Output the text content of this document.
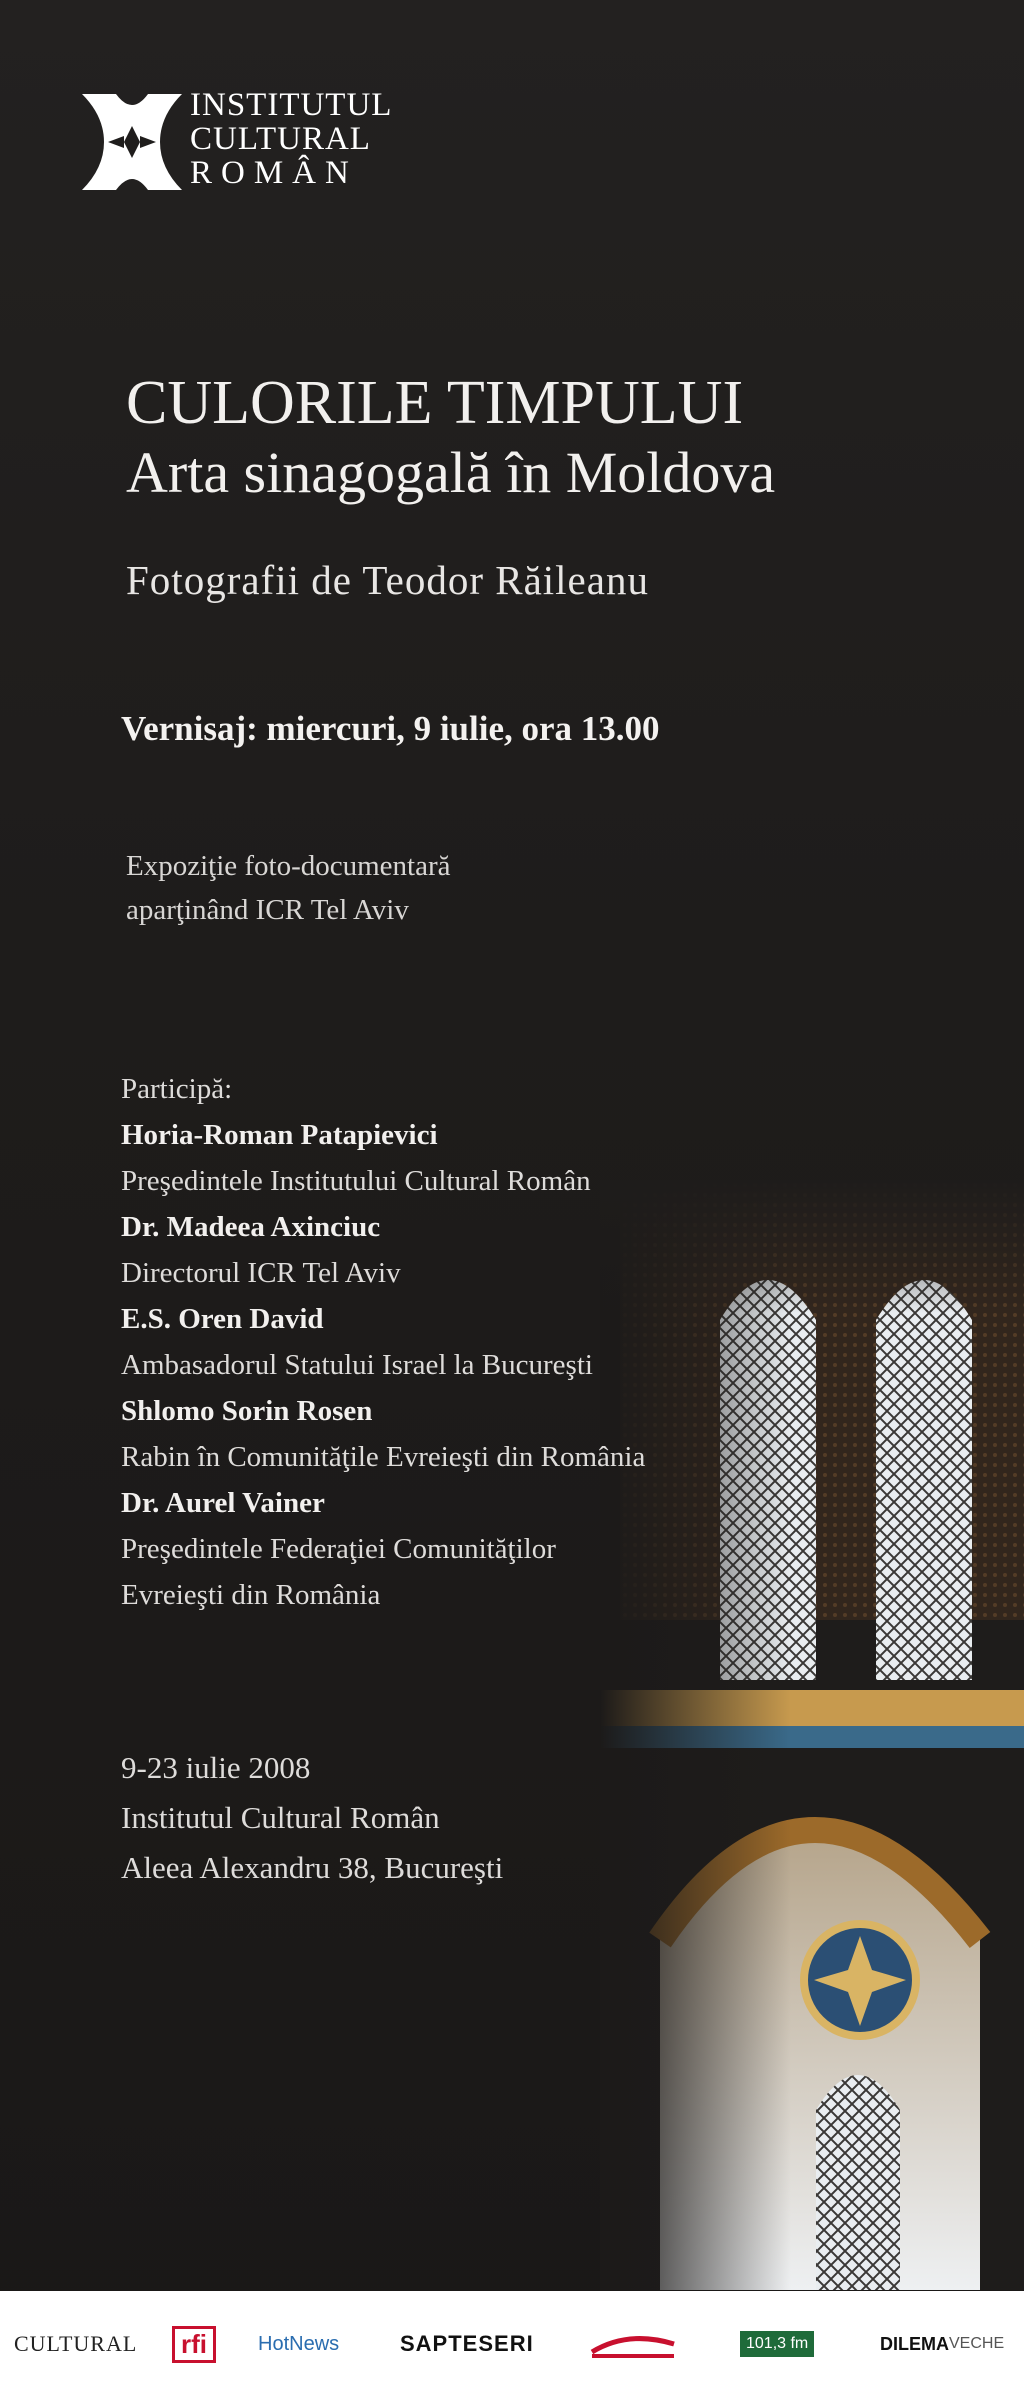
INSTITUTUL
CULTURAL
ROMÂN
CULORILE TIMPULUI
Arta sinagogală în Moldova
Fotografii de Teodor Răileanu
Vernisaj: miercuri, 9 iulie, ora 13.00
Expoziţie foto-documentară
aparţinând ICR Tel Aviv
Participă:
Horia-Roman Patapievici
Preşedintele Institutului Cultural Român
Dr. Madeea Axinciuc
Directorul ICR Tel Aviv
E.S. Oren David
Ambasadorul Statului Israel la Bucureşti
Shlomo Sorin Rosen
Rabin în Comunităţile Evreieşti din România
Dr. Aurel Vainer
Preşedintele Federaţiei Comunităţilor
Evreieşti din România
9-23 iulie 2008
Institutul Cultural Român
Aleea Alexandru 38, Bucureşti
CULTURAL	rfi	HotNews	SAPTESERI	101,3 fm	DILEMA VECHE
